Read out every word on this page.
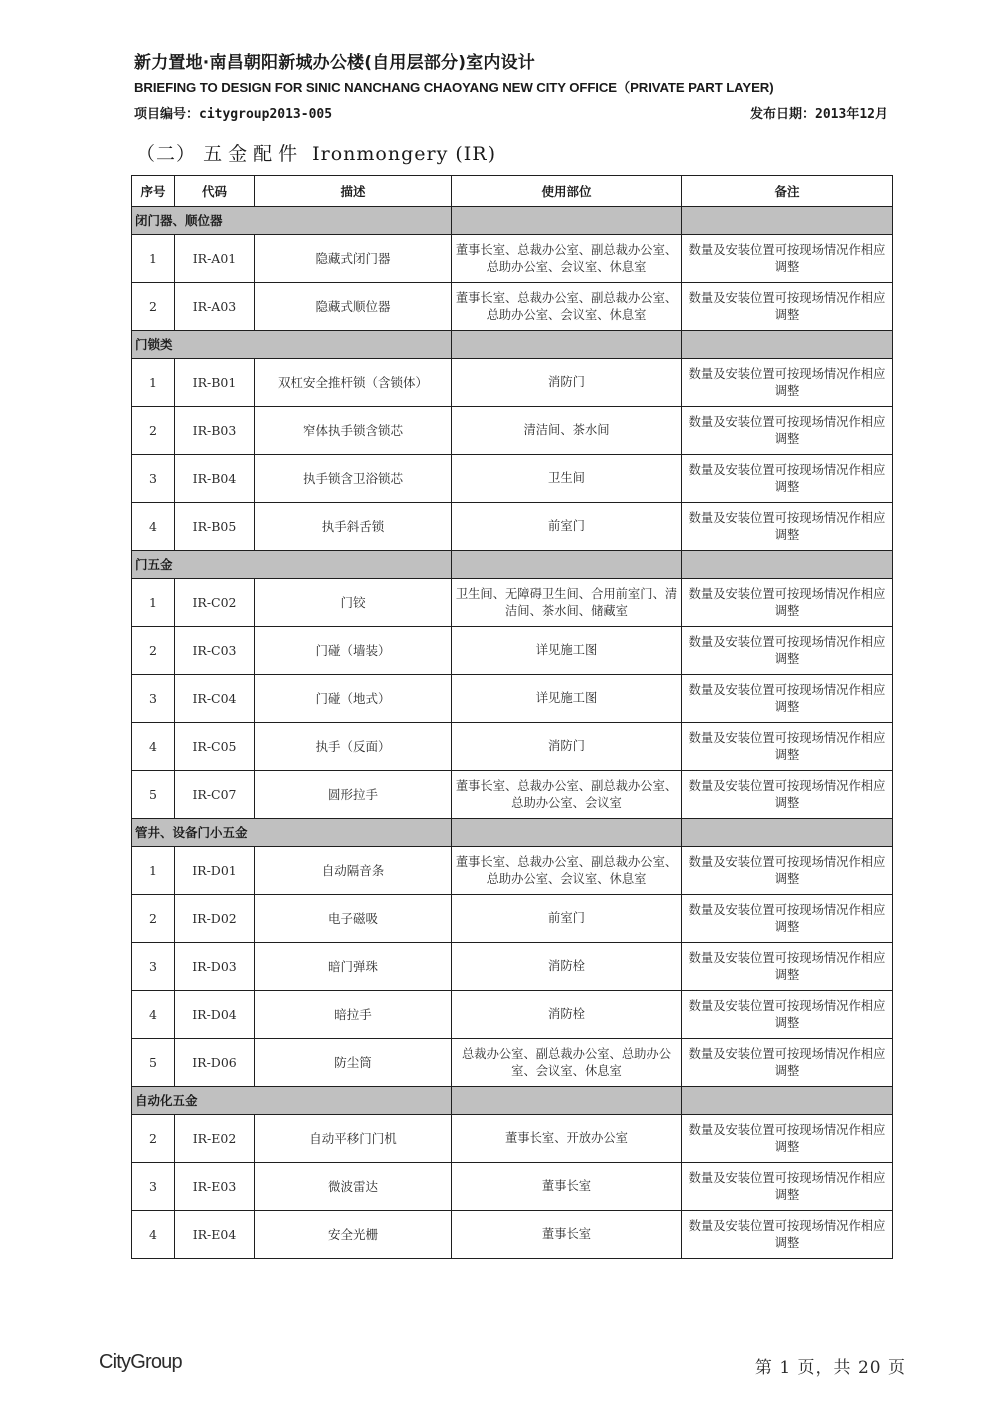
新力置地·南昌朝阳新城办公楼(自用层部分)室内设计
BRIEFING TO DESIGN FOR SINIC NANCHANG CHAOYANG NEW CITY OFFICE（PRIVATE PART LAYER)
项目编号：citygroup2013-005	发布日期：2013年12月
（二） 五金配件 Ironmongery (IR)
序号	代码	描述	使用部位	备注
闭门器、顺位器				
1	IR-A01	隐藏式闭门器	董事长室、总裁办公室、副总裁办公室、总助办公室、会议室、休息室	数量及安装位置可按现场情况作相应调整
2	IR-A03	隐藏式顺位器	董事长室、总裁办公室、副总裁办公室、总助办公室、会议室、休息室	数量及安装位置可按现场情况作相应调整
门锁类				
1	IR-B01	双杠安全推杆锁（含锁体）	消防门	数量及安装位置可按现场情况作相应调整
2	IR-B03	窄体执手锁含锁芯	清洁间、茶水间	数量及安装位置可按现场情况作相应调整
3	IR-B04	执手锁含卫浴锁芯	卫生间	数量及安装位置可按现场情况作相应调整
4	IR-B05	执手斜舌锁	前室门	数量及安装位置可按现场情况作相应调整
门五金				
1	IR-C02	门铰	卫生间、无障碍卫生间、合用前室门、清洁间、茶水间、储藏室	数量及安装位置可按现场情况作相应调整
2	IR-C03	门碰（墙装）	详见施工图	数量及安装位置可按现场情况作相应调整
3	IR-C04	门碰（地式）	详见施工图	数量及安装位置可按现场情况作相应调整
4	IR-C05	执手（反面）	消防门	数量及安装位置可按现场情况作相应调整
5	IR-C07	圆形拉手	董事长室、总裁办公室、副总裁办公室、总助办公室、会议室	数量及安装位置可按现场情况作相应调整
管井、设备门小五金				
1	IR-D01	自动隔音条	董事长室、总裁办公室、副总裁办公室、总助办公室、会议室、休息室	数量及安装位置可按现场情况作相应调整
2	IR-D02	电子磁吸	前室门	数量及安装位置可按现场情况作相应调整
3	IR-D03	暗门弹珠	消防栓	数量及安装位置可按现场情况作相应调整
4	IR-D04	暗拉手	消防栓	数量及安装位置可按现场情况作相应调整
5	IR-D06	防尘筒	总裁办公室、副总裁办公室、总助办公室、会议室、休息室	数量及安装位置可按现场情况作相应调整
自动化五金				
2	IR-E02	自动平移门门机	董事长室、开放办公室	数量及安装位置可按现场情况作相应调整
3	IR-E03	微波雷达	董事长室	数量及安装位置可按现场情况作相应调整
4	IR-E04	安全光栅	董事长室	数量及安装位置可按现场情况作相应调整
CityGroup	第 1 页，共 20 页
